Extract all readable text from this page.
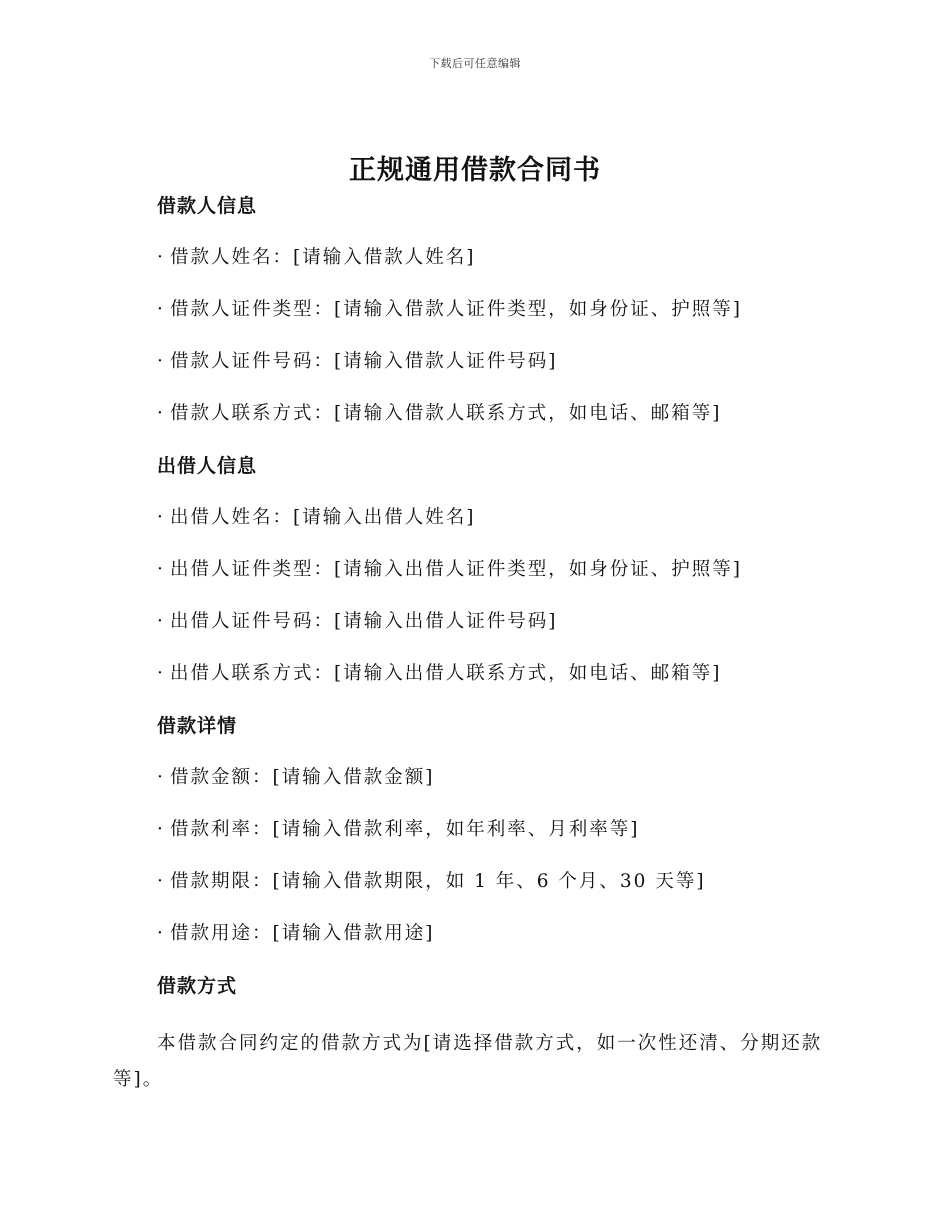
下载后可任意编辑
正规通用借款合同书
借款人信息
· 借款人姓名：[请输入借款人姓名]
· 借款人证件类型：[请输入借款人证件类型，如身份证、护照等]
· 借款人证件号码：[请输入借款人证件号码]
· 借款人联系方式：[请输入借款人联系方式，如电话、邮箱等]
出借人信息
· 出借人姓名：[请输入出借人姓名]
· 出借人证件类型：[请输入出借人证件类型，如身份证、护照等]
· 出借人证件号码：[请输入出借人证件号码]
· 出借人联系方式：[请输入出借人联系方式，如电话、邮箱等]
借款详情
· 借款金额：[请输入借款金额]
· 借款利率：[请输入借款利率，如年利率、月利率等]
· 借款期限：[请输入借款期限，如 1 年、6 个月、30 天等]
· 借款用途：[请输入借款用途]
借款方式

本借款合同约定的借款方式为[请选择借款方式，如一次性还清、分期还款等]。
